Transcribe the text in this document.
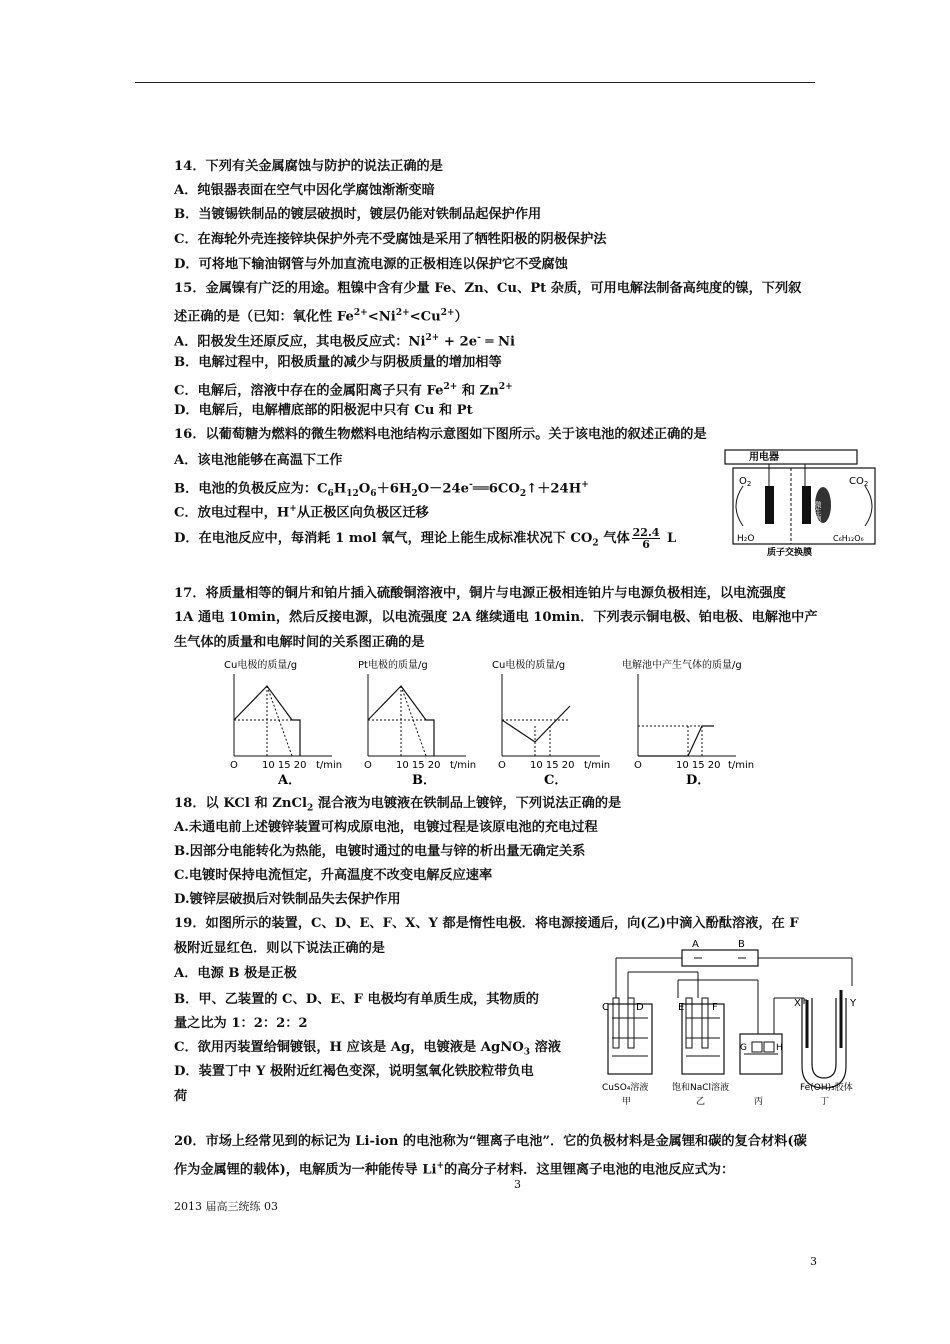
14．下列有关金属腐蚀与防护的说法正确的是
A．纯银器表面在空气中因化学腐蚀渐渐变暗
B．当镀锡铁制品的镀层破损时，镀层仍能对铁制品起保护作用
C．在海轮外壳连接锌块保护外壳不受腐蚀是采用了牺牲阳极的阴极保护法
D．可将地下输油钢管与外加直流电源的正极相连以保护它不受腐蚀
15．金属镍有广泛的用途。粗镍中含有少量 Fe、Zn、Cu、Pt 杂质，可用电解法制备高纯度的镍，下列叙
述正确的是（已知：氧化性 $Fe^{2+}<Ni^{2+}<Cu^{2+}$）
A．阳极发生还原反应，其电极反应式：$Ni^{2+} + 2e^-$ ═ Ni
B．电解过程中，阳极质量的减少与阴极质量的增加相等
C．电解后，溶液中存在的金属阳离子只有 $Fe^{2+}$ 和 $Zn^{2+}$
D．电解后，电解槽底部的阳极泥中只有 Cu 和 Pt
16．以葡萄糖为燃料的微生物燃料电池结构示意图如下图所示。关于该电池的叙述正确的是
A．该电池能够在高温下工作
B．电池的负极反应为：$C_6H_{12}O_6+6H_2O-24e^-══6CO_2↑+24H^+$
C．放电过程中，H+从正极区向负极区迁移
D．在电池反应中，每消耗 1 mol 氧气，理论上能生成标准状况下 $CO_2$ 气体 $\frac{22.4}{6}$ L
用电器
$O_2$	$CO_2$
微生物
H₂O	C₆H₁₂O₆
质子交换膜
17．将质量相等的铜片和铂片插入硫酸铜溶液中，铜片与电源正极相连铂片与电源负极相连，以电流强度
1A 通电 10min，然后反接电源，以电流强度 2A 继续通电 10min．下列表示铜电极、铂电极、电解池中产
生气体的质量和电解时间的关系图正确的是
Cu电极的质量/g
O 10 15 20 t/min
A．
Pt电极的质量/g
O 10 15 20 t/min
B．
Cu电极的质量/g
O 10 15 20 t/min
C．
电解池中产生气体的质量/g
O	10 15 20 t/min
D．
18．以 KCl 和 ZnCl$_2$ 混合液为电镀液在铁制品上镀锌，下列说法正确的是
A.未通电前上述镀锌装置可构成原电池，电镀过程是该原电池的充电过程
B.因部分电能转化为热能，电镀时通过的电量与锌的析出量无确定关系
C.电镀时保持电流恒定，升高温度不改变电解反应速率
D.镀锌层破损后对铁制品失去保护作用
19．如图所示的装置，C、D、E、F、X、Y 都是惰性电极．将电源接通后，向(乙)中滴入酚酞溶液，在 F
极附近显红色．则以下说法正确的是
A．电源 B 极是正极
B．甲、乙装置的 C、D、E、F 电极均有单质生成，其物质的
量之比为 1：2：2：2
C．欲用丙装置给铜镀银，H 应该是 Ag，电镀液是 AgNO$_3$ 溶液
D．装置丁中 Y 极附近红褐色变深，说明氢氧化铁胶粒带负电
荷
A	B
C	D	E	F
G	H
X	Y
CuSO₄溶液	饱和NaCl溶液	Fe(OH)₃胶体
甲	乙	丙	丁
20．市场上经常见到的标记为 Li-ion 的电池称为“锂离子电池”．它的负极材料是金属锂和碳的复合材料(碳
作为金属锂的载体)，电解质为一种能传导 Li+的高分子材料．这里锂离子电池的电池反应式为：
3
2013 届高三统练 03
3
